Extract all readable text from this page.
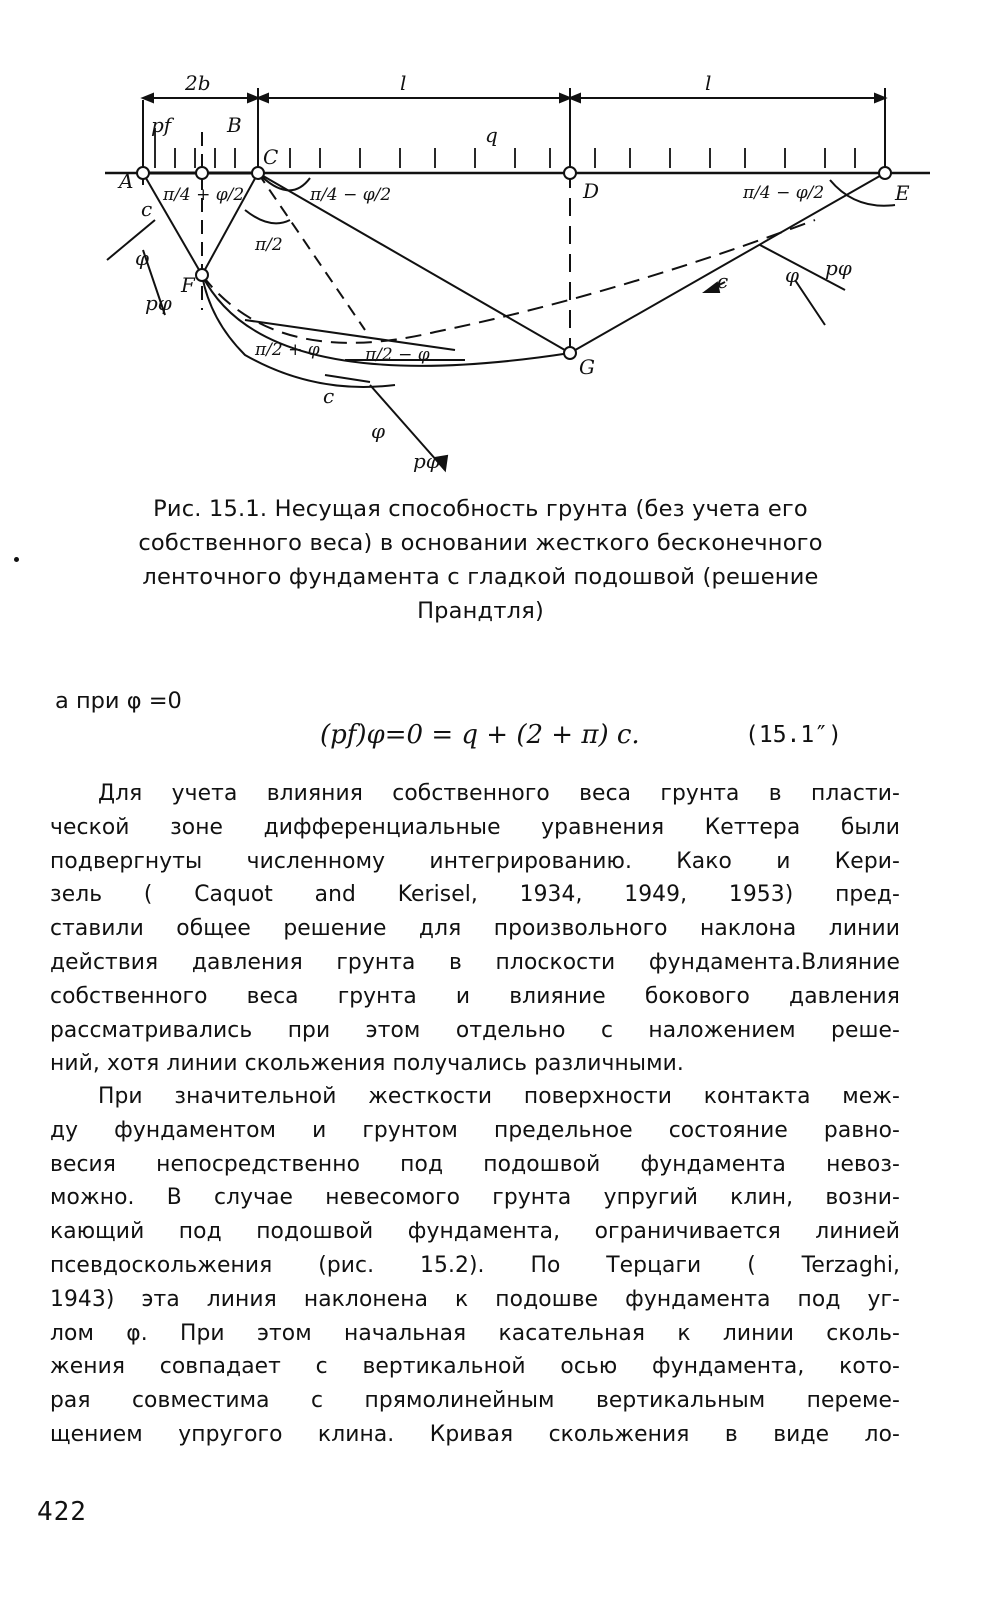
2b	l	l
pf	B	q
A
C
D	E
F
G
c
c
c
φ
φ
φ
pφ
pφ
pφ
π/4 + φ/2	π/4 − φ/2	π/4 − φ/2
π/2
π/2 + φ	π/2 − φ
Рис. 15.1. Несущая способность грунта (без учета его
собственного веса) в основании жесткого бесконечного
ленточного фундамента с гладкой подошвой (решение
Прандтля)
а при φ =0
(pf)φ=0 = q + (2 + π) c.	(15.1″)
Для учета влияния собственного веса грунта в пласти-
ческой зоне дифференциальные уравнения Кеттера были
подвергнуты численному интегрированию. Како и Кери-
зель ( Caquot and Kerisel, 1934, 1949, 1953) пред-
ставили общее решение для произвольного наклона линии
действия давления грунта в плоскости фундамента.Влияние
собственного веса грунта и влияние бокового давления
рассматривались при этом отдельно с наложением реше-
ний, хотя линии скольжения получались различными.
При значительной жесткости поверхности контакта меж-
ду фундаментом и грунтом предельное состояние равно-
весия непосредственно под подошвой фундамента невоз-
можно. В случае невесомого грунта упругий клин, возни-
кающий под подошвой фундамента, ограничивается линией
псевдоскольжения (рис. 15.2). По Терцаги ( Terzaghi,
1943) эта линия наклонена к подошве фундамента под уг-
лом φ. При этом начальная касательная к линии сколь-
жения совпадает с вертикальной осью фундамента, кото-
рая совместима с прямолинейным вертикальным переме-
щением упругого клина. Кривая скольжения в виде ло-
422
